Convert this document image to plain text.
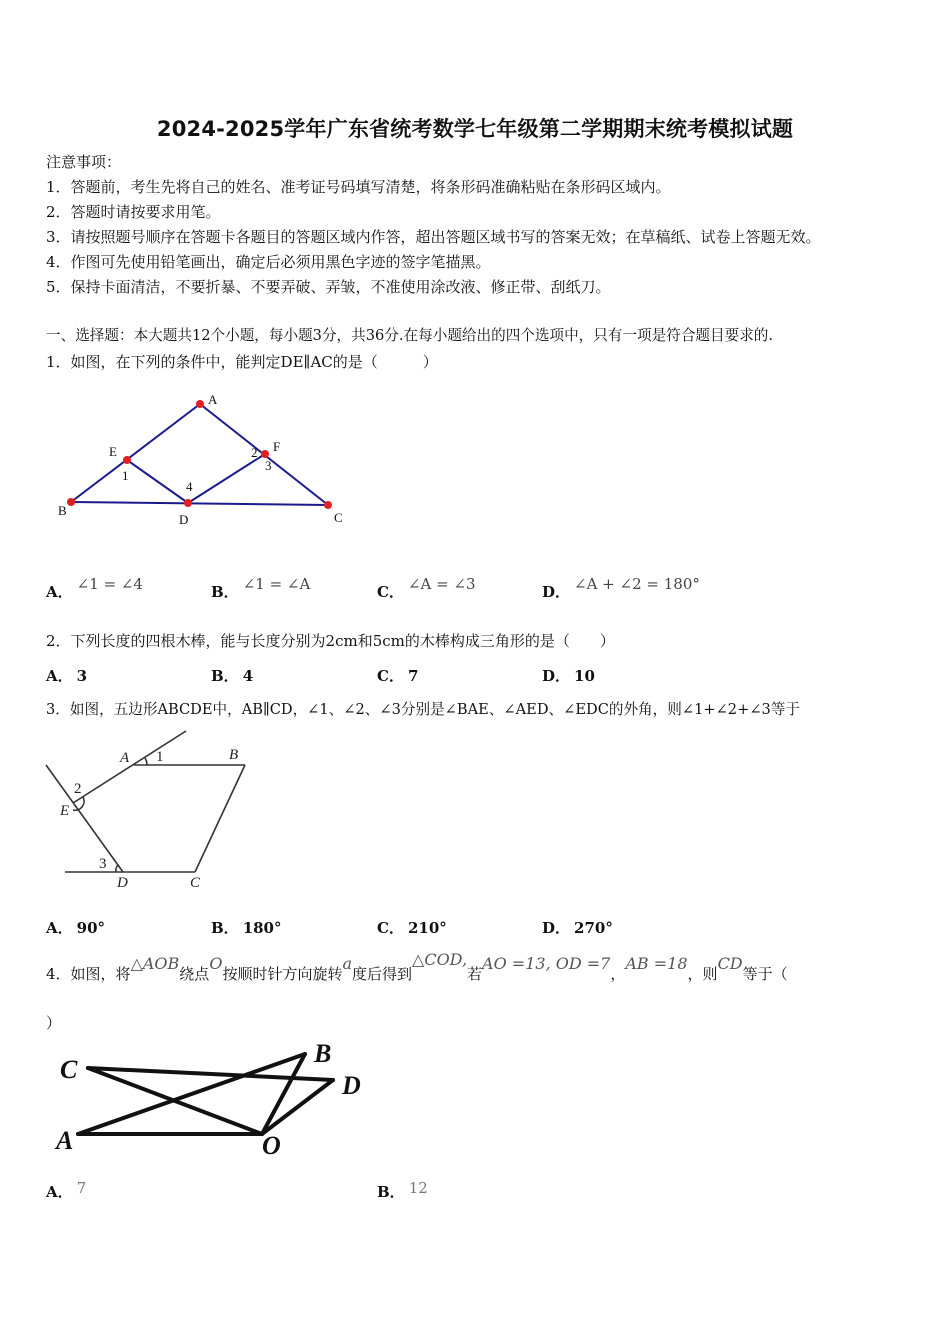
2024-2025学年广东省统考数学七年级第二学期期末统考模拟试题
注意事项：
1．答题前，考生先将自己的姓名、准考证号码填写清楚，将条形码准确粘贴在条形码区域内。
2．答题时请按要求用笔。
3．请按照题号顺序在答题卡各题目的答题区域内作答，超出答题区域书写的答案无效；在草稿纸、试卷上答题无效。
4．作图可先使用铅笔画出，确定后必须用黑色字迹的签字笔描黑。
5．保持卡面清洁，不要折暴、不要弄破、弄皱，不准使用涂改液、修正带、刮纸刀。
一、选择题：本大题共12个小题，每小题3分，共36分.在每小题给出的四个选项中，只有一项是符合题目要求的.
1．如图，在下列的条件中，能判定DE∥AC的是（　　　）
A
E	F
B
D	C
1
2
3
4
A． ∠1 = ∠4	B． ∠1 = ∠A	C． ∠A = ∠3	D． ∠A + ∠2 = 180°
2．下列长度的四根木棒，能与长度分别为2cm和5cm的木棒构成三角形的是（　　）
A． 3	B． 4	C． 7	D． 10
3．如图，五边形ABCDE中，AB∥CD，∠1、∠2、∠3分别是∠BAE、∠AED、∠EDC的外角，则∠1+∠2+∠3等于
A 1	B
2
E
3
D	C
A． 90°	B． 180°	C． 210°	D． 270°
4．如图，将△AOB绕点O按顺时针方向旋转a度后得到△COD,若AO =13, OD =7，AB =18，则CD等于（
）
C
B
D
A	O
A． 7	B． 12
